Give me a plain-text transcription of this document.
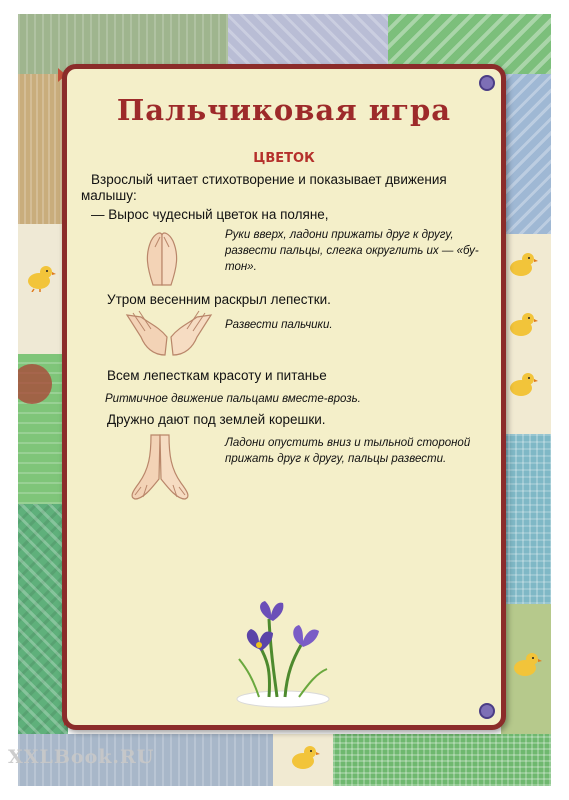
Пальчиковая игра
ЦВЕТОК
Взрослый читает стихотворение и показывает движения
малышу:
— Вырос чудесный цветок на поляне,
Руки вверх, ладони прижаты друг к другу,
развести пальцы, слегка округлить их — «бу-
тон».
Утром весенним раскрыл лепестки.
Развести пальчики.
Всем лепесткам красоту и питанье
Ритмичное движение пальцами вместе-врозь.
Дружно дают под землей корешки.
Ладони опустить вниз и тыльной стороной
прижать друг к другу, пальцы развести.
XXLBook.RU
